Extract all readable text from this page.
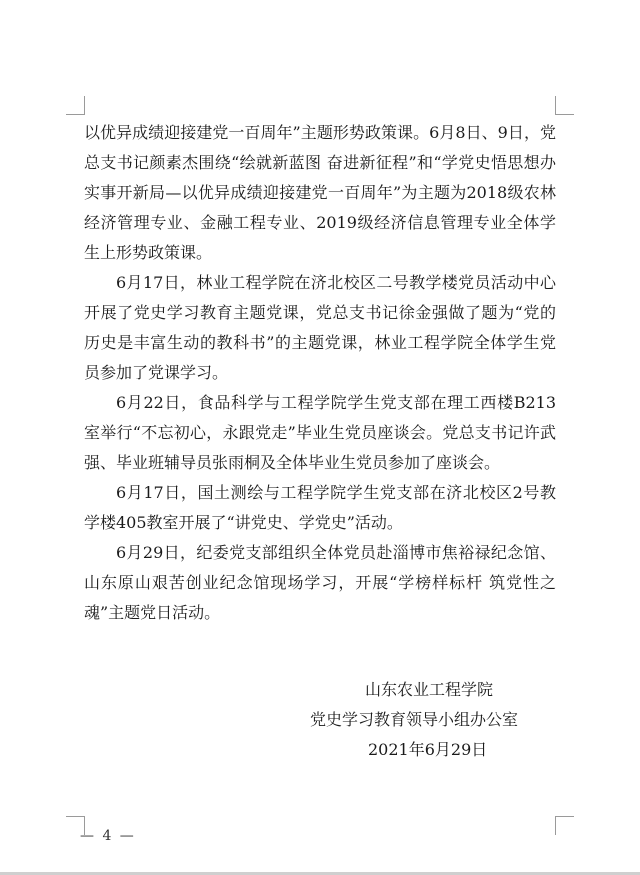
以优异成绩迎接建党一百周年”主题形势政策课。6月8日、9日，党总支书记颜素杰围绕“绘就新蓝图 奋进新征程”和“学党史悟思想办实事开新局—以优异成绩迎接建党一百周年”为主题为2018级农林经济管理专业、金融工程专业、2019级经济信息管理专业全体学生上形势政策课。

6月17日，林业工程学院在济北校区二号教学楼党员活动中心开展了党史学习教育主题党课，党总支书记徐金强做了题为“党的历史是丰富生动的教科书”的主题党课，林业工程学院全体学生党员参加了党课学习。

6月22日，食品科学与工程学院学生党支部在理工西楼B213室举行“不忘初心，永跟党走”毕业生党员座谈会。党总支书记许武强、毕业班辅导员张雨桐及全体毕业生党员参加了座谈会。

6月17日，国土测绘与工程学院学生党支部在济北校区2号教学楼405教室开展了“讲党史、学党史”活动。

6月29日，纪委党支部组织全体党员赴淄博市焦裕禄纪念馆、山东原山艰苦创业纪念馆现场学习，开展“学榜样标杆 筑党性之魂”主题党日活动。

山东农业工程学院
党史学习教育领导小组办公室
2021年6月29日
— 4 —
